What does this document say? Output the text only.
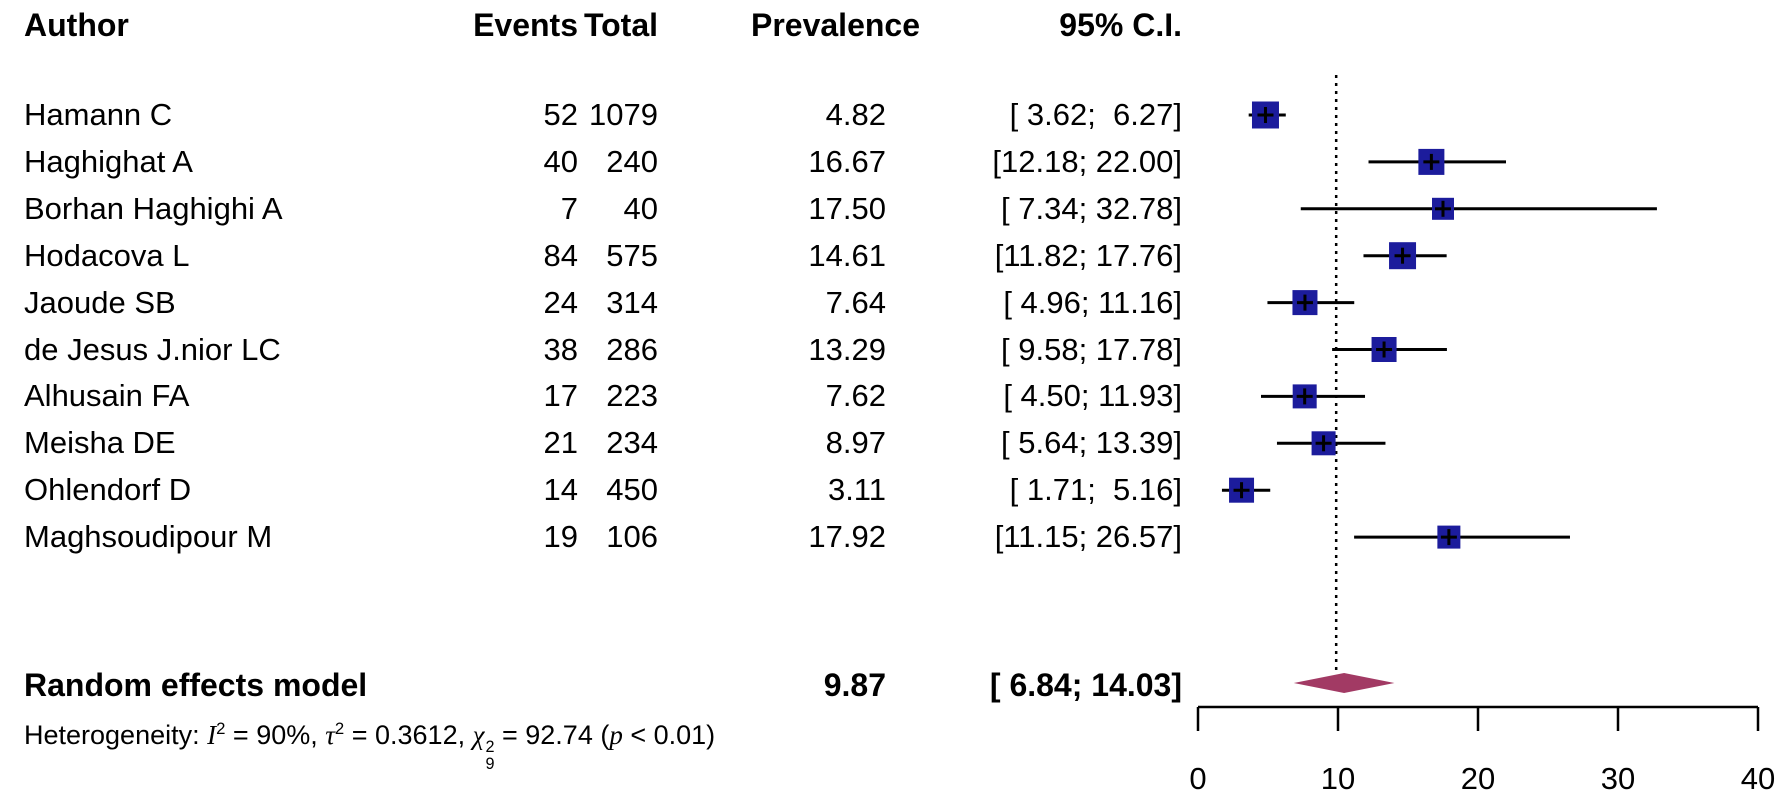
Author	Events Total	Prevalence	95% C.I.
Hamann C	52 1079	4.82	[ 3.62;  6.27]
Haghighat A	40 240	16.67	[12.18; 22.00]
Borhan Haghighi A	7	40	17.50	[ 7.34; 32.78]
Hodacova L	84 575	14.61	[11.82; 17.76]
Jaoude SB	24 314	7.64	[ 4.96; 11.16]
de Jesus J.nior LC	38 286	13.29	[ 9.58; 17.78]
Alhusain FA	17 223	7.62	[ 4.50; 11.93]
Meisha DE	21 234	8.97	[ 5.64; 13.39]
Ohlendorf D	14 450	3.11	[ 1.71;  5.16]
Maghsoudipour M	19 106	17.92	[11.15; 26.57]
Random effects model	9.87	[ 6.84; 14.03]
Heterogeneity: $I^2 = 90\%$, $\tau^2 = 0.3612$, χ 2
9
= 92.74 (p < 0.01)
0	10	20	30	40
